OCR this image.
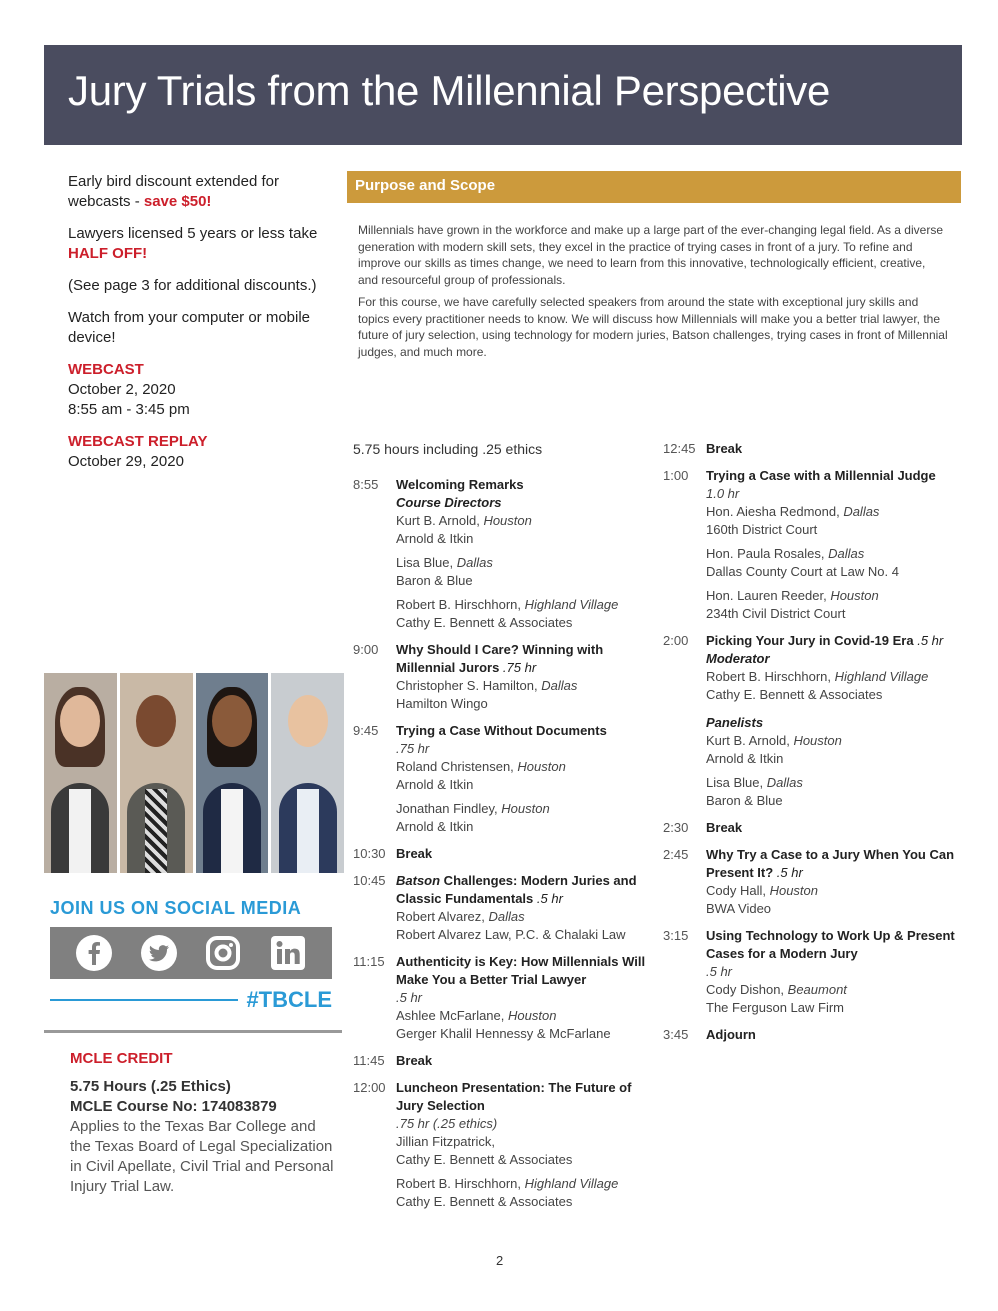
Jury Trials from the Millennial Perspective

Early bird discount extended for webcasts - save $50!

Lawyers licensed 5 years or less take HALF OFF!

(See page 3 for additional discounts.)

Watch from your computer or mobile device!

WEBCAST
October 2, 2020
8:55 am - 3:45 pm

WEBCAST REPLAY
October 29, 2020

JOIN US ON SOCIAL MEDIA
#TBCLE
MCLE CREDIT
5.75 Hours (.25 Ethics)
MCLE Course No: 174083879
Applies to the Texas Bar College and the Texas Board of Legal Specialization in Civil Apellate, Civil Trial and Personal Injury Trial Law.
Purpose and Scope

Millennials have grown in the workforce and make up a large part of the ever-changing legal field. As a diverse generation with modern skill sets, they excel in the practice of trying cases in front of a jury. To refine and improve our skills as times change, we need to learn from this innovative, technologically efficient, creative, and resourceful group of professionals.

For this course, we have carefully selected speakers from around the state with exceptional jury skills and topics every practitioner needs to know. We will discuss how Millennials will make you a better trial lawyer, the future of jury selection, using technology for modern juries, Batson challenges, trying cases in front of Millennial judges, and much more.

5.75 hours including .25 ethics
8:55	Welcoming Remarks
Course Directors
Kurt B. Arnold, Houston
Arnold & Itkin
Lisa Blue, Dallas
Baron & Blue
Robert B. Hirschhorn, Highland Village
Cathy E. Bennett & Associates
9:00	Why Should I Care? Winning with Millennial Jurors .75 hr
Christopher S. Hamilton, Dallas
Hamilton Wingo
9:45	Trying a Case Without Documents
.75 hr
Roland Christensen, Houston
Arnold & Itkin
Jonathan Findley, Houston
Arnold & Itkin
10:30 Break
10:45 Batson Challenges: Modern Juries and Classic Fundamentals .5 hr
Robert Alvarez, Dallas
Robert Alvarez Law, P.C. & Chalaki Law
11:15 Authenticity is Key: How Millennials Will Make You a Better Trial Lawyer
.5 hr
Ashlee McFarlane, Houston
Gerger Khalil Hennessy & McFarlane
11:45 Break
12:00 Luncheon Presentation: The Future of Jury Selection
.75 hr (.25 ethics)
Jillian Fitzpatrick,
Cathy E. Bennett & Associates
Robert B. Hirschhorn, Highland Village
Cathy E. Bennett & Associates
12:45 Break
1:00	Trying a Case with a Millennial Judge
1.0 hr
Hon. Aiesha Redmond, Dallas
160th District Court
Hon. Paula Rosales, Dallas
Dallas County Court at Law No. 4
Hon. Lauren Reeder, Houston
234th Civil District Court
2:00	Picking Your Jury in Covid-19 Era .5 hr
Moderator
Robert B. Hirschhorn, Highland Village
Cathy E. Bennett & Associates
Panelists
Kurt B. Arnold, Houston
Arnold & Itkin
Lisa Blue, Dallas
Baron & Blue
2:30	Break
2:45	Why Try a Case to a Jury When You Can Present It? .5 hr
Cody Hall, Houston
BWA Video
3:15	Using Technology to Work Up & Present Cases for a Modern Jury
.5 hr
Cody Dishon, Beaumont
The Ferguson Law Firm
3:45	Adjourn
2
